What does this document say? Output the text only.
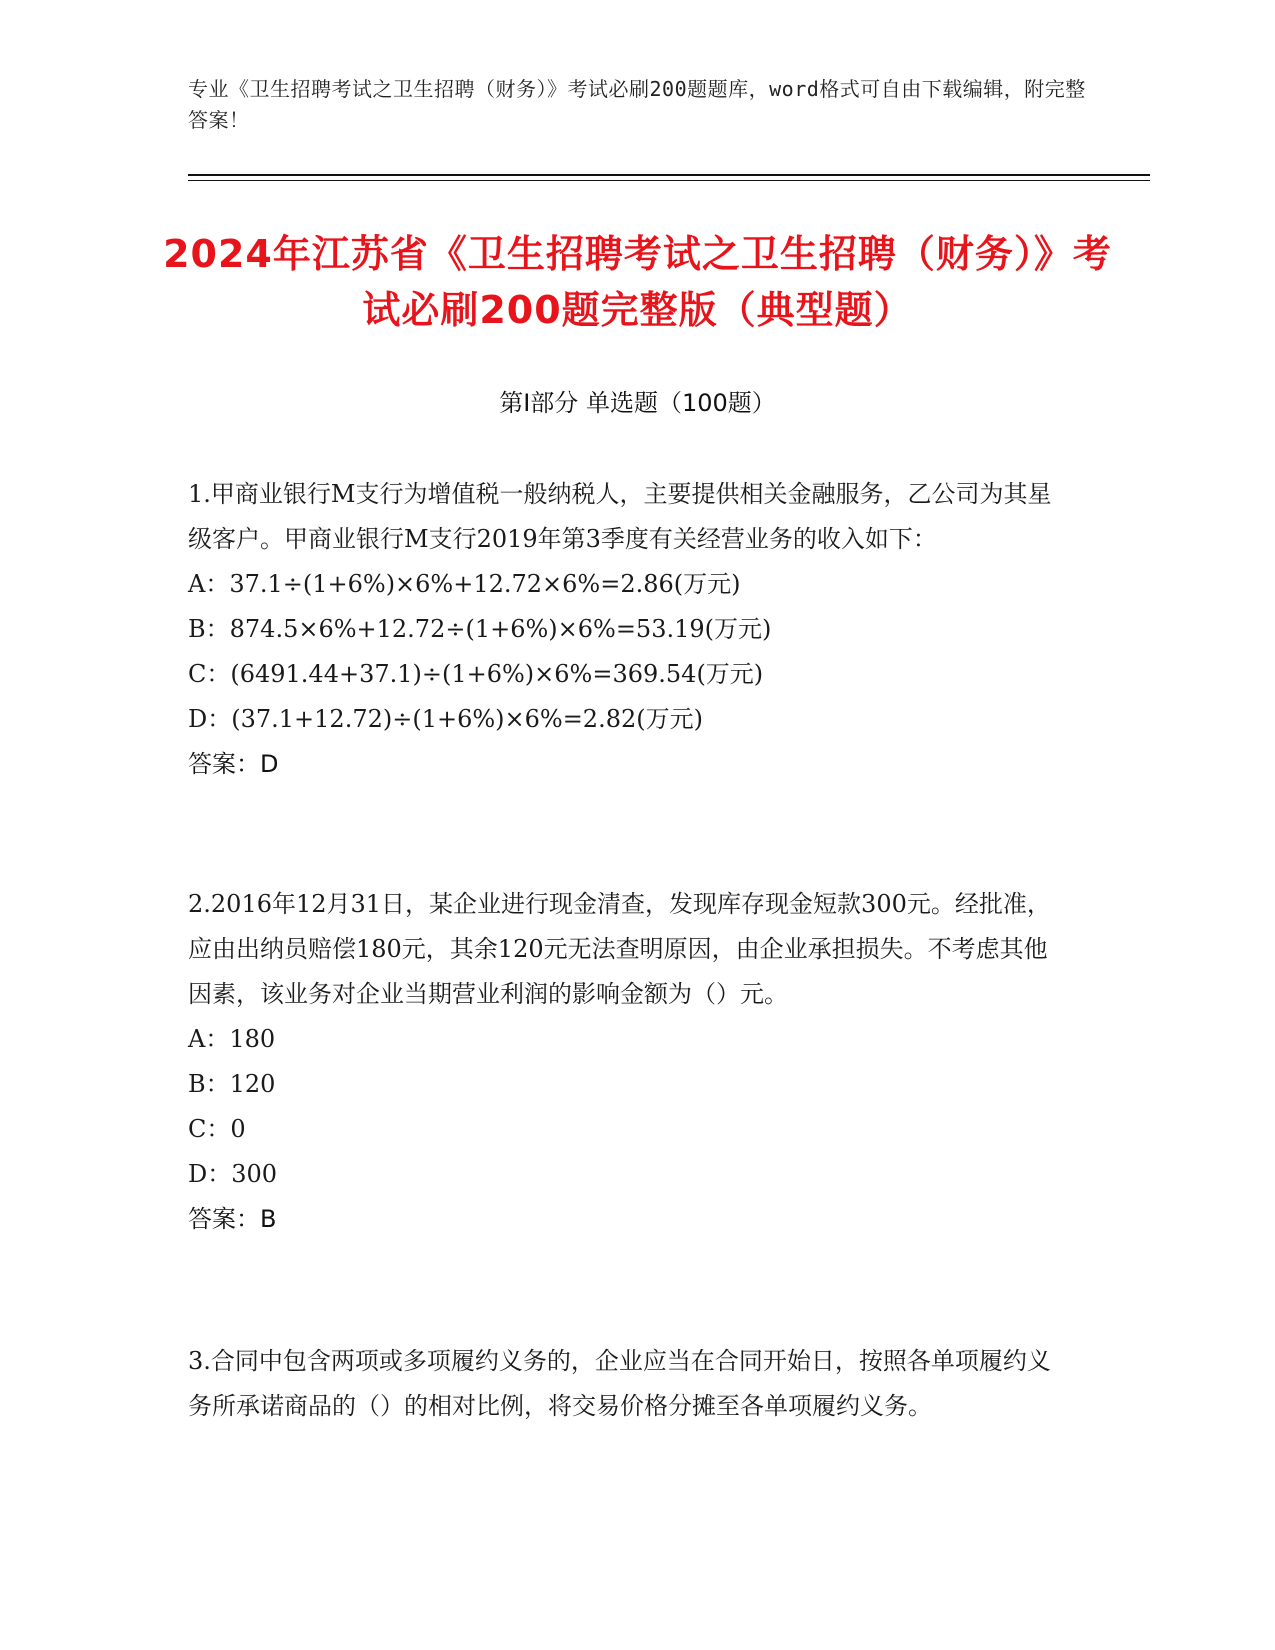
专业《卫生招聘考试之卫生招聘（财务）》考试必刷200题题库，word格式可自由下载编辑，附完整答案！
2024年江苏省《卫生招聘考试之卫生招聘（财务）》考试必刷200题完整版（典型题）
第Ⅰ部分 单选题（100题）

1.甲商业银行M支行为增值税一般纳税人，主要提供相关金融服务，乙公司为其星级客户。甲商业银行M支行2019年第3季度有关经营业务的收入如下：

A：37.1÷(1+6%)×6%+12.72×6%=2.86(万元)

B：874.5×6%+12.72÷(1+6%)×6%=53.19(万元)

C：(6491.44+37.1)÷(1+6%)×6%=369.54(万元)

D：(37.1+12.72)÷(1+6%)×6%=2.82(万元)

答案：D

2.2016年12月31日，某企业进行现金清查，发现库存现金短款300元。经批准，应由出纳员赔偿180元，其余120元无法查明原因，由企业承担损失。不考虑其他因素，该业务对企业当期营业利润的影响金额为（）元。

A：180

B：120

C：0

D：300

答案：B

3.合同中包含两项或多项履约义务的，企业应当在合同开始日，按照各单项履约义务所承诺商品的（）的相对比例，将交易价格分摊至各单项履约义务。
